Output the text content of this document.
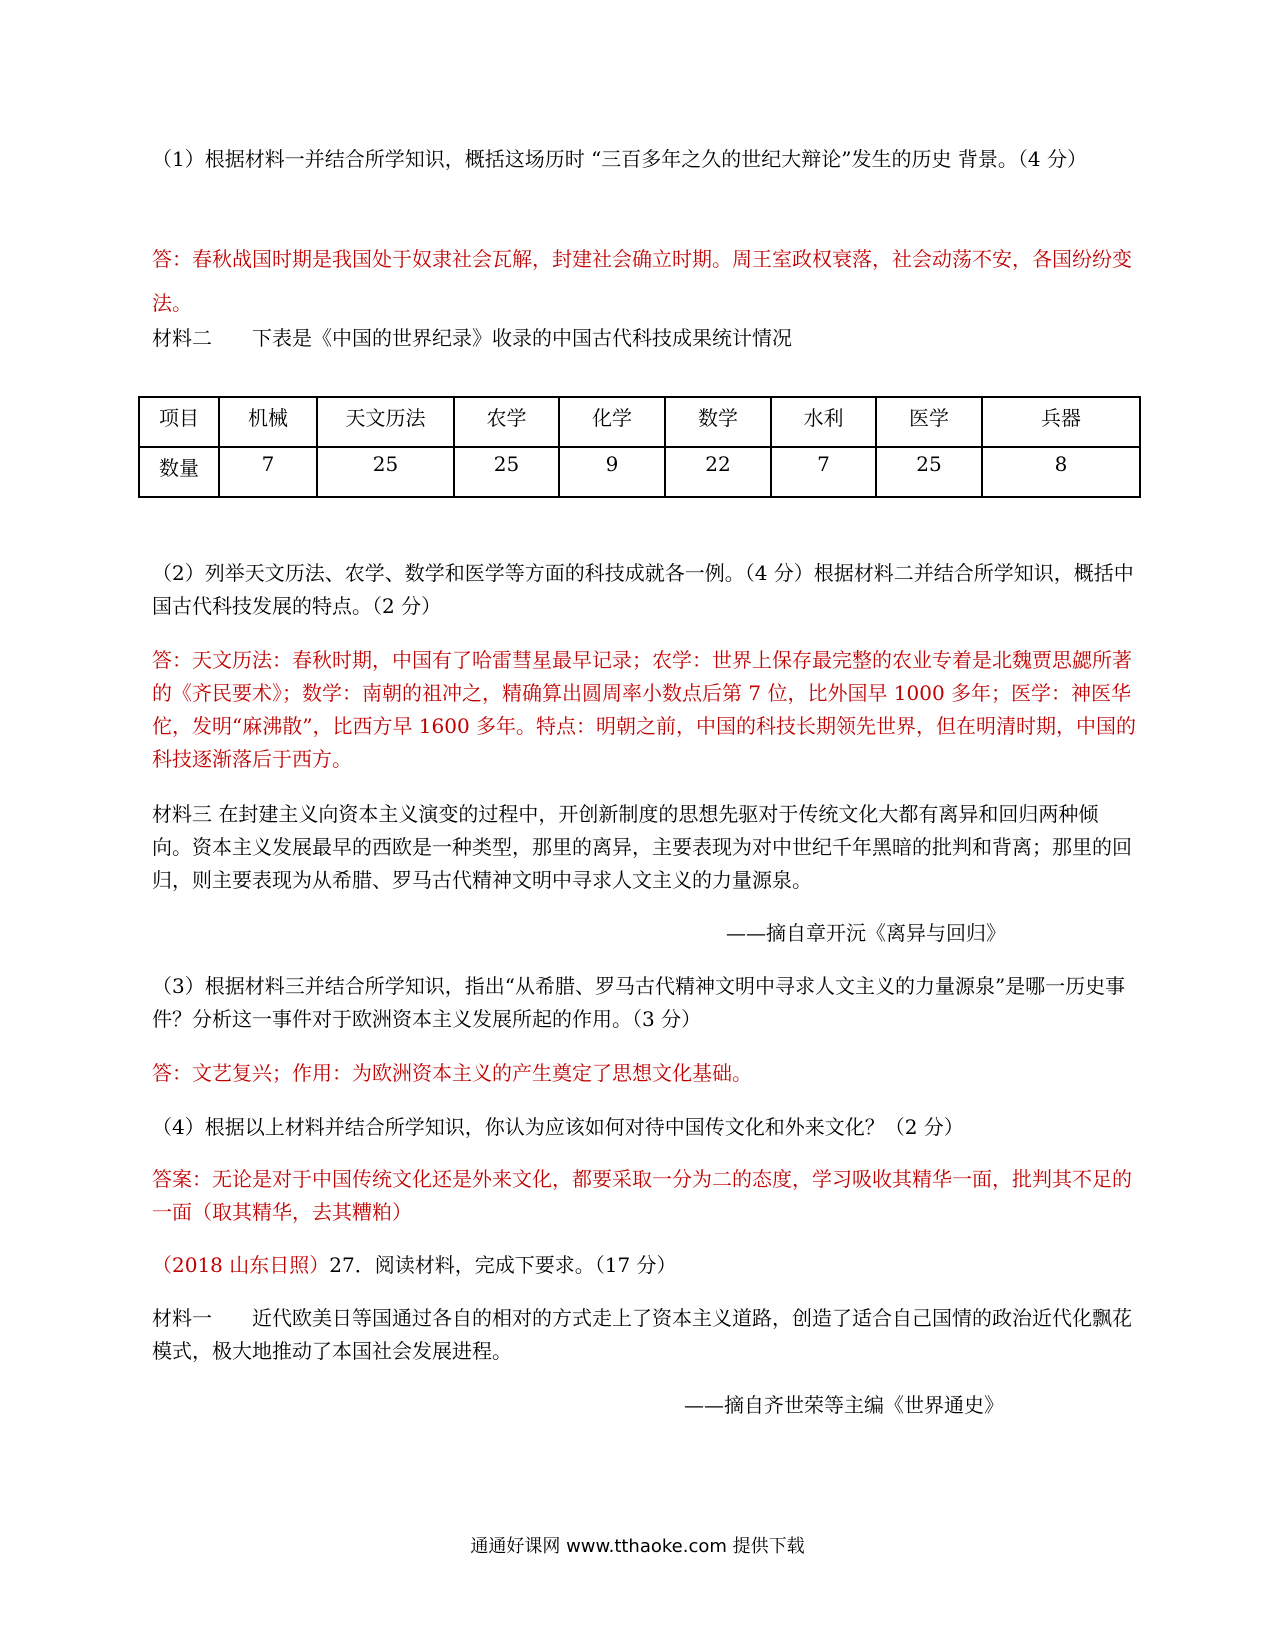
（1）根据材料一并结合所学知识，概括这场历时 “三百多年之久的世纪大辩论”发生的历史 背景。（4 分）

答：春秋战国时期是我国处于奴隶社会瓦解，封建社会确立时期。周王室政权衰落，社会动荡不安，各国纷纷变法。

材料二　　下表是《中国的世界纪录》收录的中国古代科技成果统计情况

项目	机械	天文历法	农学	化学	数学	水利	医学	兵器
数量	7	25	25	9	22	7	25	8

（2）列举天文历法、农学、数学和医学等方面的科技成就各一例。（4 分）根据材料二并结合所学知识，概括中国古代科技发展的特点。（2 分）

答：天文历法：春秋时期，中国有了哈雷彗星最早记录；农学：世界上保存最完整的农业专着是北魏贾思勰所著的《齐民要术》；数学：南朝的祖冲之，精确算出圆周率小数点后第 7 位，比外国早 1000 多年；医学：神医华佗，发明“麻沸散”，比西方早 1600 多年。特点：明朝之前，中国的科技长期领先世界，但在明清时期，中国的科技逐渐落后于西方。

材料三 在封建主义向资本主义演变的过程中，开创新制度的思想先驱对于传统文化大都有离异和回归两种倾向。资本主义发展最早的西欧是一种类型，那里的离异，主要表现为对中世纪千年黑暗的批判和背离；那里的回归，则主要表现为从希腊、罗马古代精神文明中寻求人文主义的力量源泉。

——摘自章开沅《离异与回归》

（3）根据材料三并结合所学知识，指出“从希腊、罗马古代精神文明中寻求人文主义的力量源泉”是哪一历史事件？分析这一事件对于欧洲资本主义发展所起的作用。（3 分）

答：文艺复兴；作用：为欧洲资本主义的产生奠定了思想文化基础。

（4）根据以上材料并结合所学知识，你认为应该如何对待中国传文化和外来文化？（2 分）

答案：无论是对于中国传统文化还是外来文化，都要采取一分为二的态度，学习吸收其精华一面，批判其不足的一面（取其精华，去其糟粕）

（2018 山东日照）27．阅读材料，完成下要求。（17 分）

材料一　　近代欧美日等国通过各自的相对的方式走上了资本主义道路，创造了适合自己国情的政治近代化飘花模式，极大地推动了本国社会发展进程。

——摘自齐世荣等主编《世界通史》

通通好课网 www.tthaoke.com 提供下载
